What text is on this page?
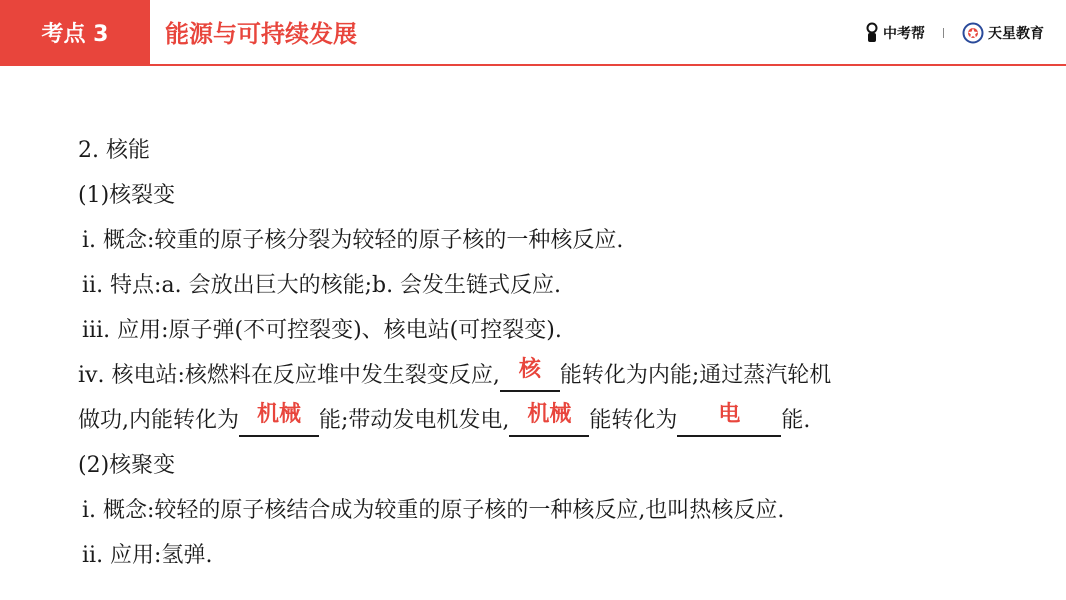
考点 3	能源与可持续发展	中考帮	天星教育

2. 核能

(1)核裂变

ⅰ. 概念:较重的原子核分裂为较轻的原子核的一种核反应.

ⅱ. 特点:a. 会放出巨大的核能;b. 会发生链式反应.

ⅲ. 应用:原子弹(不可控裂变)、核电站(可控裂变).

ⅳ. 核电站:核燃料在反应堆中发生裂变反应, 核 能转化为内能;通过蒸汽轮机

做功,内能转化为 机械 能;带动发电机发电, 机械 能转化为 电 能.

(2)核聚变

ⅰ. 概念:较轻的原子核结合成为较重的原子核的一种核反应,也叫热核反应.

ⅱ. 应用:氢弹.
